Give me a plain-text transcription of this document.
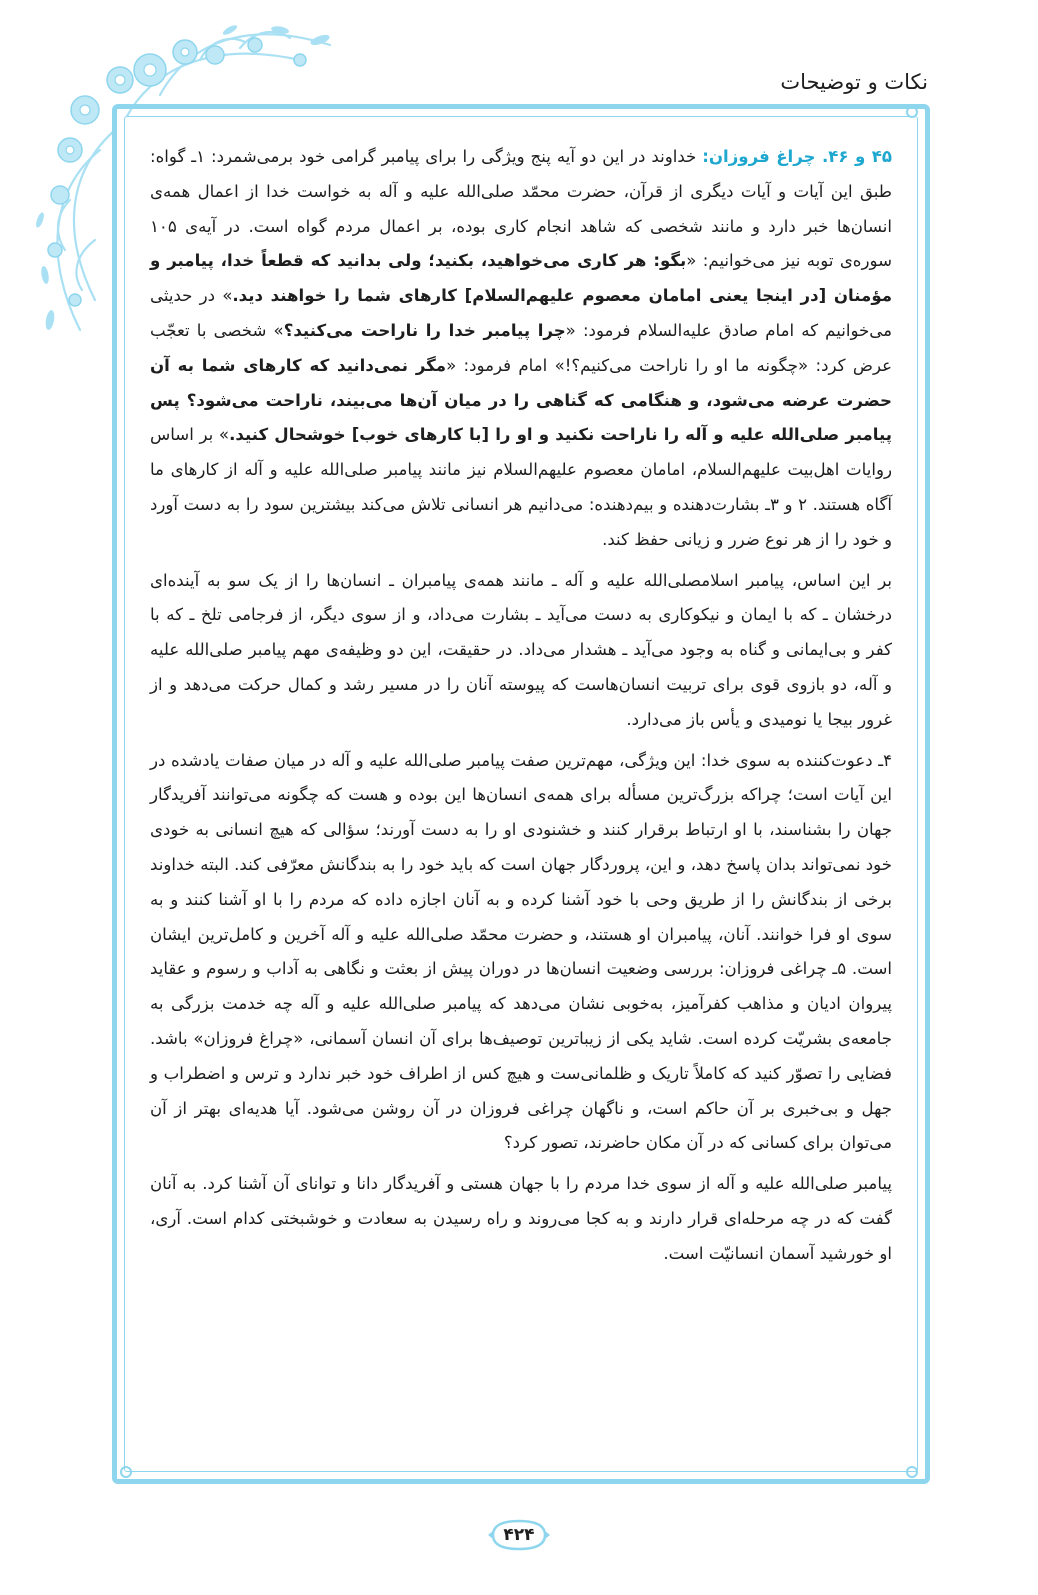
نکات و توضیحات

۴۵ و ۴۶. چراغ فروزان: خداوند در این دو آیه پنج ویژگی را برای پیامبر گرامی خود برمی‌شمرد: ۱ـ گواه: طبق این آیات و آیات دیگری از قرآن، حضرت محمّد صلی‌الله علیه و آله به خواست خدا از اعمال همه‌ی انسان‌ها خبر دارد و مانند شخصی که شاهد انجام کاری بوده، بر اعمال مردم گواه است. در آیه‌ی ۱۰۵ سوره‌ی توبه نیز می‌خوانیم: «بگو: هر کاری می‌خواهید، بکنید؛ ولی بدانید که قطعاً خدا، پیامبر و مؤمنان [در اینجا یعنی امامان معصوم علیهم‌السلام] کارهای شما را خواهند دید.» در حدیثی می‌خوانیم که امام صادق علیه‌السلام فرمود: «چرا پیامبر خدا را ناراحت می‌کنید؟» شخصی با تعجّب عرض کرد: «چگونه ما او را ناراحت می‌کنیم؟!» امام فرمود: «مگر نمی‌دانید که کارهای شما به آن حضرت عرضه می‌شود، و هنگامی که گناهی را در میان آن‌ها می‌بیند، ناراحت می‌شود؟ پس پیامبر صلی‌الله علیه و آله را ناراحت نکنید و او را [با کارهای خوب] خوشحال کنید.» بر اساس روایات اهل‌بیت علیهم‌السلام، امامان معصوم علیهم‌السلام نیز مانند پیامبر صلی‌الله علیه و آله از کارهای ما آگاه هستند. ۲ و ۳ـ بشارت‌دهنده و بیم‌دهنده: می‌دانیم هر انسانی تلاش می‌کند بیشترین سود را به دست آورد و خود را از هر نوع ضرر و زیانی حفظ کند.

بر این اساس، پیامبر اسلامصلی‌الله علیه و آله ـ مانند همه‌ی پیامبران ـ انسان‌ها را از یک سو به آینده‌ای درخشان ـ که با ایمان و نیکوکاری به دست می‌آید ـ بشارت می‌داد، و از سوی دیگر، از فرجامی تلخ ـ که با کفر و بی‌ایمانی و گناه به وجود می‌آید ـ هشدار می‌داد. در حقیقت، این دو وظیفه‌ی مهم پیامبر صلی‌الله علیه و آله، دو بازوی قوی برای تربیت انسان‌هاست که پیوسته آنان را در مسیر رشد و کمال حرکت می‌دهد و از غرور بیجا یا نومیدی و یأس باز می‌دارد.

۴ـ دعوت‌کننده به سوی خدا: این ویژگی، مهم‌ترین صفت پیامبر صلی‌الله علیه و آله در میان صفات یادشده در این آیات است؛ چراکه بزرگ‌ترین مسأله برای همه‌ی انسان‌ها این بوده و هست که چگونه می‌توانند آفریدگار جهان را بشناسند، با او ارتباط برقرار کنند و خشنودی او را به دست آورند؛ سؤالی که هیچ انسانی به خودی خود نمی‌تواند بدان پاسخ دهد، و این، پروردگار جهان است که باید خود را به بندگانش معرّفی کند. البته خداوند برخی از بندگانش را از طریق وحی با خود آشنا کرده و به آنان اجازه داده که مردم را با او آشنا کنند و به سوی او فرا خوانند. آنان، پیامبران او هستند، و حضرت محمّد صلی‌الله علیه و آله آخرین و کامل‌ترین ایشان است. ۵ـ چراغی فروزان: بررسی وضعیت انسان‌ها در دوران پیش از بعثت و نگاهی به آداب و رسوم و عقاید پیروان ادیان و مذاهب کفرآمیز، به‌خوبی نشان می‌دهد که پیامبر صلی‌الله علیه و آله چه خدمت بزرگی به جامعه‌ی بشریّت کرده است. شاید یکی از زیباترین توصیف‌ها برای آن انسان آسمانی، «چراغ فروزان» باشد. فضایی را تصوّر کنید که کاملاً تاریک و ظلمانی‌ست و هیچ کس از اطراف خود خبر ندارد و ترس و اضطراب و جهل و بی‌خبری بر آن حاکم است، و ناگهان چراغی فروزان در آن روشن می‌شود. آیا هدیه‌ای بهتر از آن می‌توان برای کسانی که در آن مکان حاضرند، تصور کرد؟

پیامبر صلی‌الله علیه و آله از سوی خدا مردم را با جهان هستی و آفریدگار دانا و توانای آن آشنا کرد. به آنان گفت که در چه مرحله‌ای قرار دارند و به کجا می‌روند و راه رسیدن به سعادت و خوشبختی کدام است. آری، او خورشید آسمان انسانیّت است.

۴۲۴
